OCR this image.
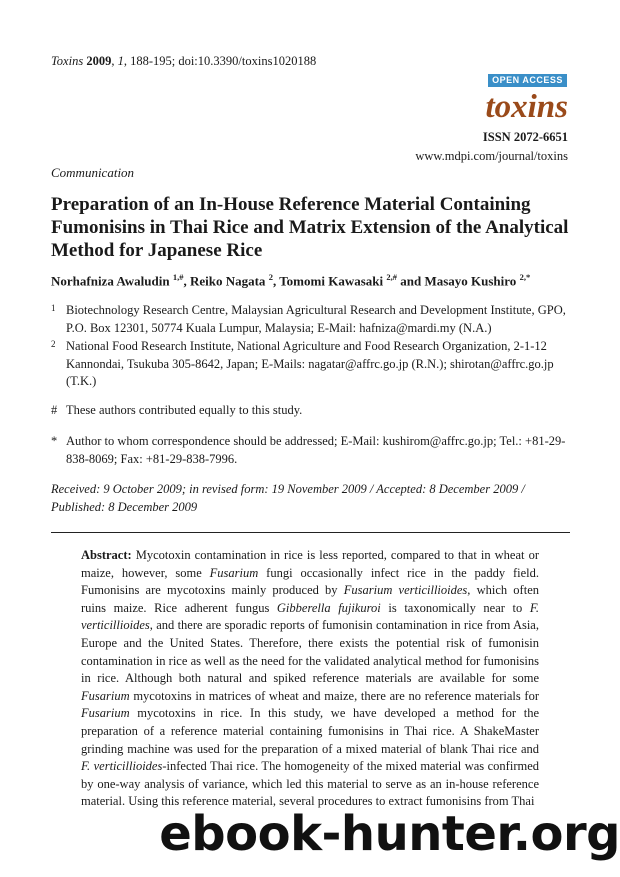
Toxins 2009, 1, 188-195; doi:10.3390/toxins1020188
OPEN ACCESS
toxins
ISSN 2072-6651
www.mdpi.com/journal/toxins
Communication
Preparation of an In-House Reference Material Containing Fumonisins in Thai Rice and Matrix Extension of the Analytical Method for Japanese Rice
Norhafniza Awaludin $^{1,\#}$, Reiko Nagata $^2$, Tomomi Kawasaki $^{2,\#}$ and Masayo Kushiro $^{2,*}$
1 Biotechnology Research Centre, Malaysian Agricultural Research and Development Institute, GPO, P.O. Box 12301, 50774 Kuala Lumpur, Malaysia; E-Mail: hafniza@mardi.my (N.A.)
2 National Food Research Institute, National Agriculture and Food Research Organization, 2-1-12 Kannondai, Tsukuba 305-8642, Japan; E-Mails: nagatar@affrc.go.jp (R.N.); shirotan@affrc.go.jp (T.K.)
# These authors contributed equally to this study.
* Author to whom correspondence should be addressed; E-Mail: kushirom@affrc.go.jp; Tel.: +81-29-838-8069; Fax: +81-29-838-7996.
Received: 9 October 2009; in revised form: 19 November 2009 / Accepted: 8 December 2009 / Published: 8 December 2009
Abstract: Mycotoxin contamination in rice is less reported, compared to that in wheat or maize, however, some Fusarium fungi occasionally infect rice in the paddy field. Fumonisins are mycotoxins mainly produced by Fusarium verticillioides, which often ruins maize. Rice adherent fungus Gibberella fujikuroi is taxonomically near to F. verticillioides, and there are sporadic reports of fumonisin contamination in rice from Asia, Europe and the United States. Therefore, there exists the potential risk of fumonisin contamination in rice as well as the need for the validated analytical method for fumonisins in rice. Although both natural and spiked reference materials are available for some Fusarium mycotoxins in matrices of wheat and maize, there are no reference materials for Fusarium mycotoxins in rice. In this study, we have developed a method for the preparation of a reference material containing fumonisins in Thai rice. A ShakeMaster grinding machine was used for the preparation of a mixed material of blank Thai rice and F. verticillioides-infected Thai rice. The homogeneity of the mixed material was confirmed by one-way analysis of variance, which led this material to serve as an in-house reference material. Using this reference material, several procedures to extract fumonisins from Thai
ebook-hunter.org
